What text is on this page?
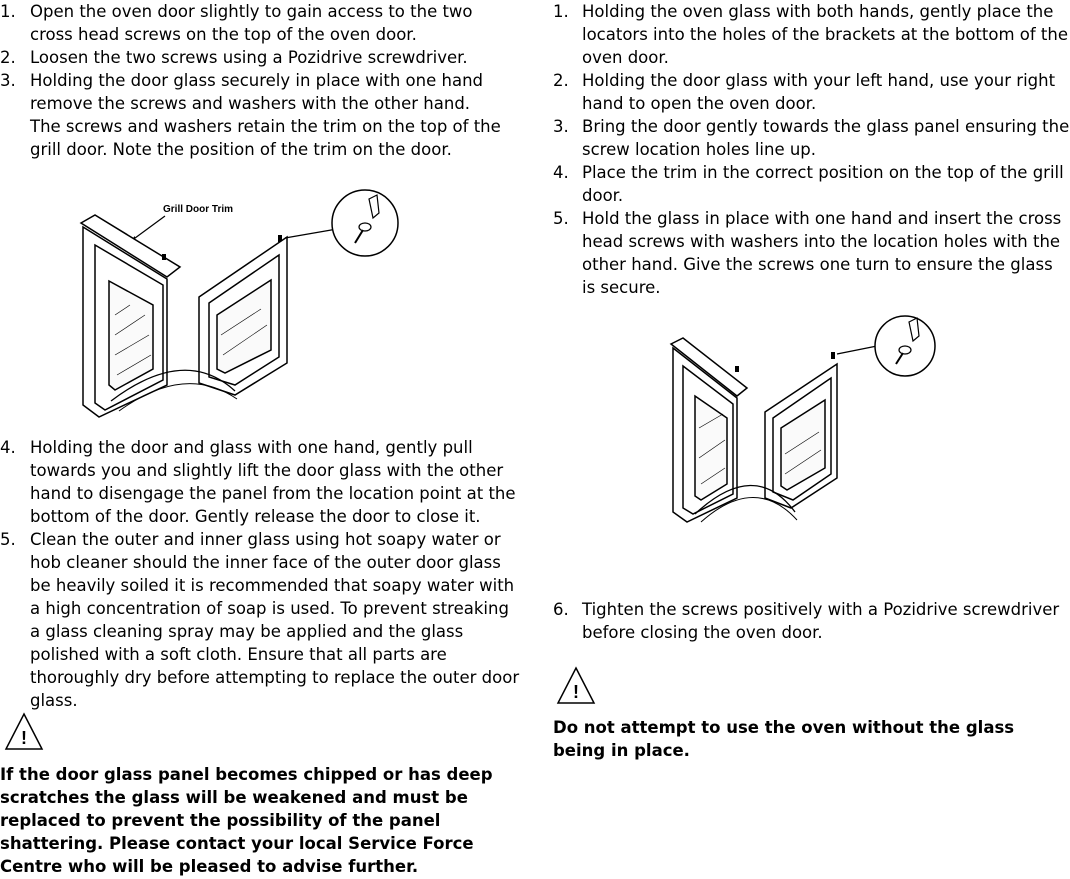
1. Open the oven door slightly to gain access to the two cross head screws on the top of the oven door.
2. Loosen the two screws using a Pozidrive screwdriver.
3. Holding the door glass securely in place with one hand remove the screws and washers with the other hand.
The screws and washers retain the trim on the top of the grill door. Note the position of the trim on the door.
Grill Door Trim
4. Holding the door and glass with one hand, gently pull towards you and slightly lift the door glass with the other hand to disengage the panel from the location point at the bottom of the door. Gently release the door to close it.
5. Clean the outer and inner glass using hot soapy water or hob cleaner should the inner face of the outer door glass be heavily soiled it is recommended that soapy water with a high concentration of soap is used. To prevent streaking a glass cleaning spray may be applied and the glass polished with a soft cloth. Ensure that all parts are thoroughly dry before attempting to replace the outer door glass.
!
If the door glass panel becomes chipped or has deep scratches the glass will be weakened and must be replaced to prevent the possibility of the panel shattering. Please contact your local Service Force Centre who will be pleased to advise further.
1. Holding the oven glass with both hands, gently place the locators into the holes of the brackets at the bottom of the oven door.
2. Holding the door glass with your left hand, use your right hand to open the oven door.
3. Bring the door gently towards the glass panel ensuring the screw location holes line up.
4. Place the trim in the correct position on the top of the grill door.
5. Hold the glass in place with one hand and insert the cross head screws with washers into the location holes with the other hand. Give the screws one turn to ensure the glass is secure.
6. Tighten the screws positively with a Pozidrive screwdriver before closing the oven door.
!
Do not attempt to use the oven without the glass being in place.
